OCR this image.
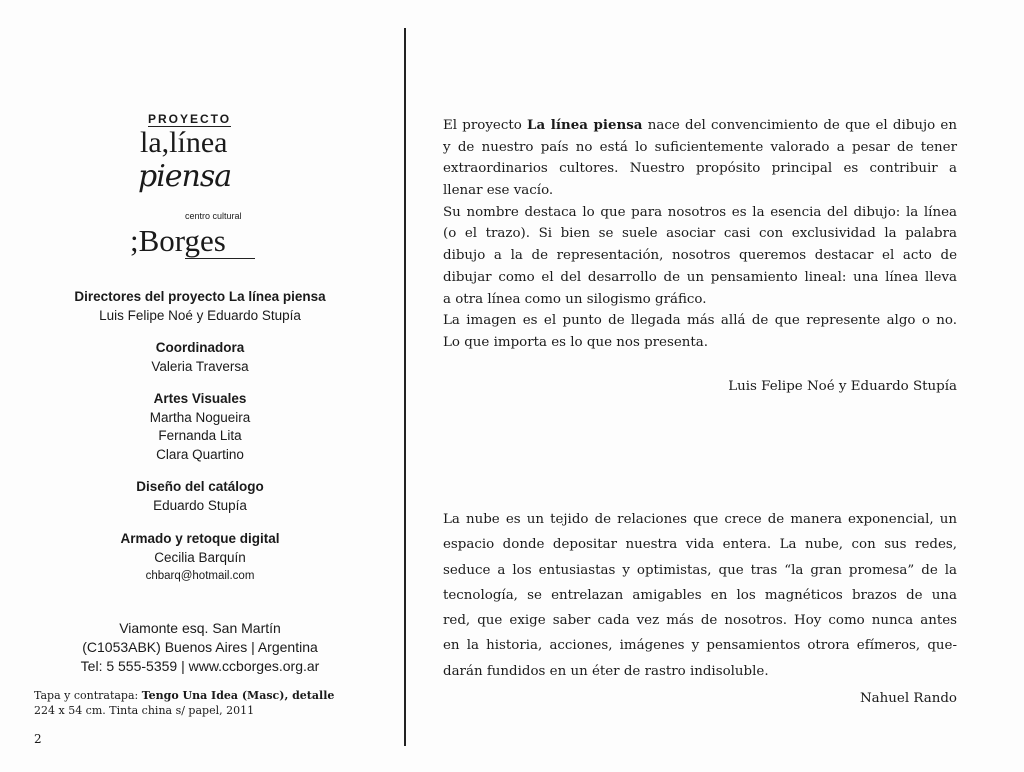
PROYECTO
la,línea
piensa
centro cultural
;Borges
Directores del proyecto La línea piensa
Luis Felipe Noé y Eduardo Stupía
Coordinadora
Valeria Traversa
Artes Visuales
Martha Nogueira
Fernanda Lita
Clara Quartino
Diseño del catálogo
Eduardo Stupía
Armado y retoque digital
Cecilia Barquín
chbarq@hotmail.com
Viamonte esq. San Martín
(C1053ABK) Buenos Aires | Argentina
Tel: 5 555-5359 | www.ccborges.org.ar
Tapa y contratapa: Tengo Una Idea (Masc), detalle
224 x 54 cm. Tinta china s/ papel, 2011
2
El proyecto La línea piensa nace del convencimiento de que el dibujo en
y de nuestro país no está lo suficientemente valorado a pesar de tener
extraordinarios cultores. Nuestro propósito principal es contribuir a
llenar ese vacío.
Su nombre destaca lo que para nosotros es la esencia del dibujo: la línea
(o el trazo). Si bien se suele asociar casi con exclusividad la palabra
dibujo a la de representación, nosotros queremos destacar el acto de
dibujar como el del desarrollo de un pensamiento lineal: una línea lleva
a otra línea como un silogismo gráfico.
La imagen es el punto de llegada más allá de que represente algo o no.
Lo que importa es lo que nos presenta.
Luis Felipe Noé y Eduardo Stupía
La nube es un tejido de relaciones que crece de manera exponencial, un
espacio donde depositar nuestra vida entera. La nube, con sus redes,
seduce a los entusiastas y optimistas, que tras “la gran promesa” de la
tecnología, se entrelazan amigables en los magnéticos brazos de una
red, que exige saber cada vez más de nosotros. Hoy como nunca antes
en la historia, acciones, imágenes y pensamientos otrora efímeros, que-
darán fundidos en un éter de rastro indisoluble.
Nahuel Rando
